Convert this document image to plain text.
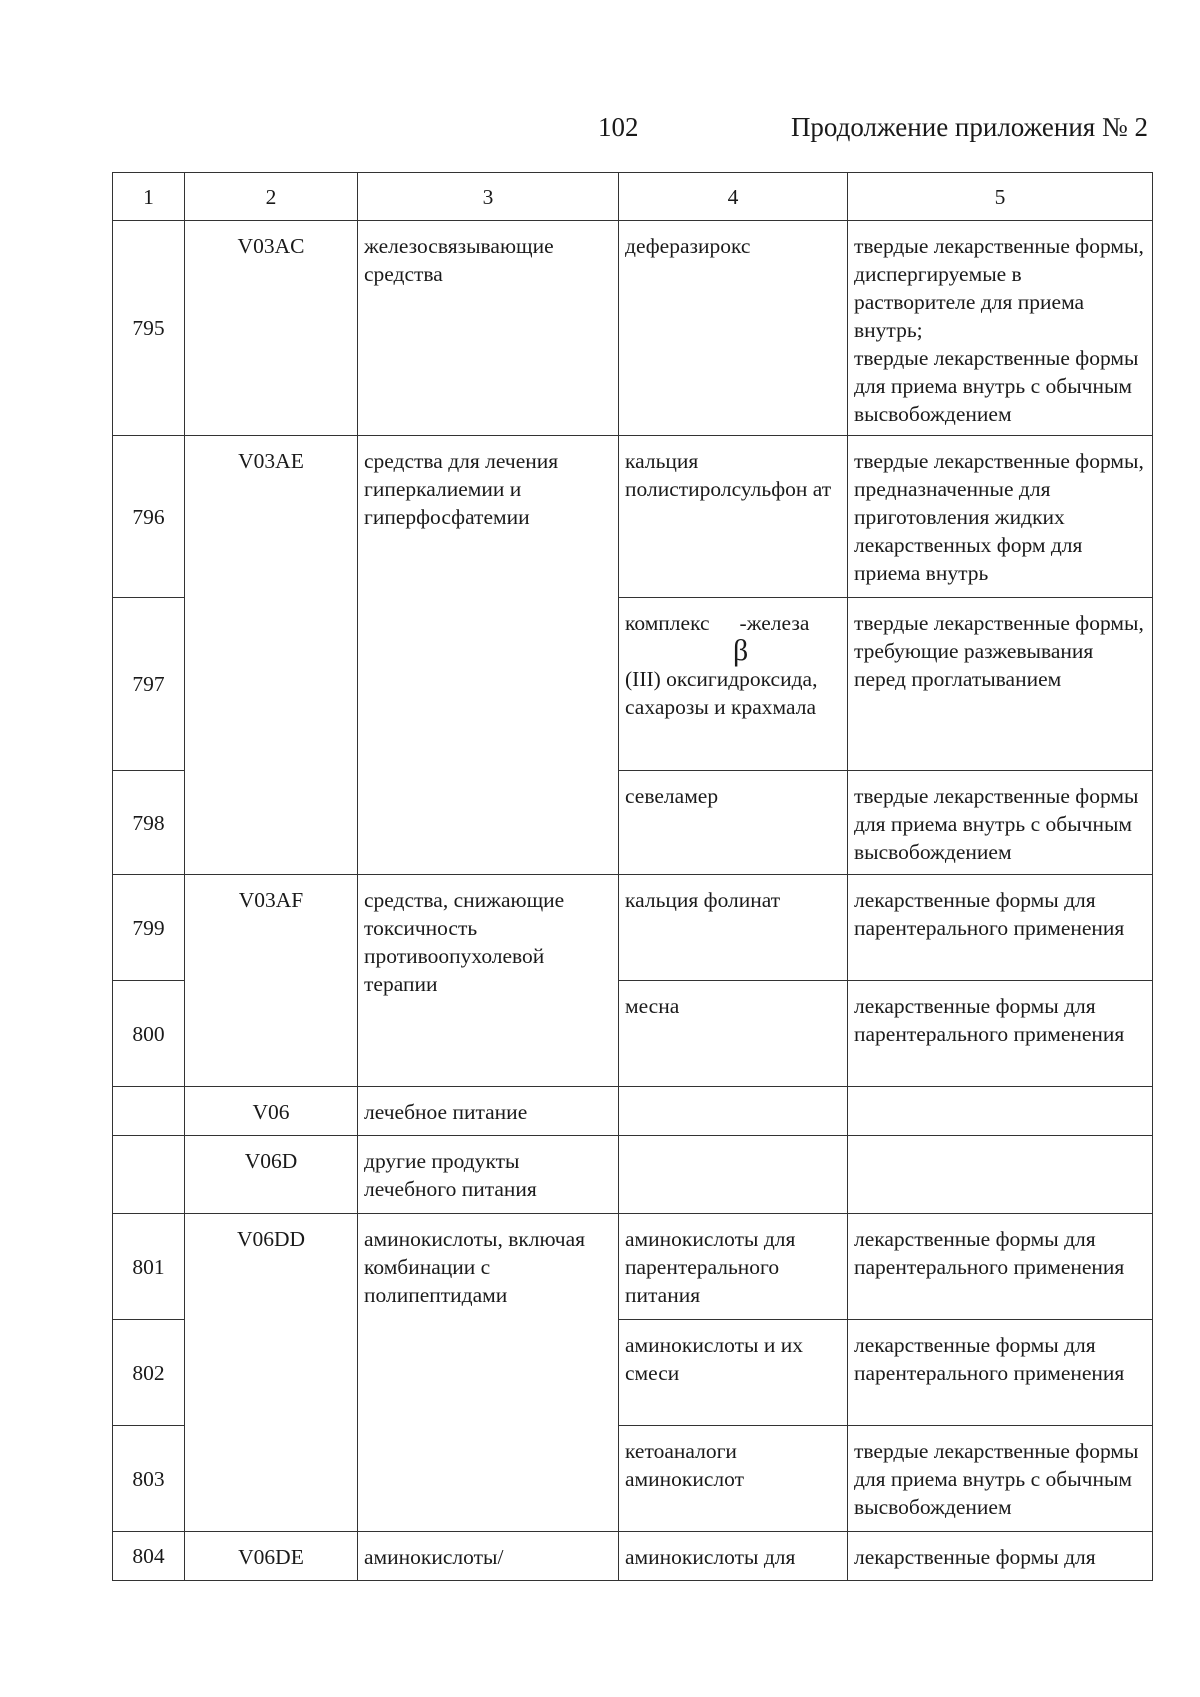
102	Продолжение приложения № 2
1	2	3	4	5
795	V03AC	железосвязывающие средства	деферазирокс	твердые лекарственные формы, диспергируемые в растворителе для приема внутрь;
твердые лекарственные формы для приема внутрь с обычным высвобождением
796	V03AE	средства для лечения гиперкалиемии и гиперфосфатемии	кальция полистиролсульфон ат	твердые лекарственные формы, предназначенные для приготовления жидких лекарственных форм для приема внутрь
797			комплекс -железа
β
(III) оксигидроксида, сахарозы и крахмала	твердые лекарственные формы, требующие разжевывания перед проглатыванием
798			севеламер	твердые лекарственные формы для приема внутрь с обычным высвобождением
799	V03AF	средства, снижающие токсичность противоопухолевой терапии	кальция фолинат	лекарственные формы для парентерального применения
800			месна	лекарственные формы для парентерального применения
	V06	лечебное питание		
	V06D	другие продукты лечебного питания		
801	V06DD	аминокислоты, включая комбинации с полипептидами	аминокислоты для парентерального питания	лекарственные формы для парентерального применения
802			аминокислоты и их смеси	лекарственные формы для парентерального применения
803			кетоаналоги аминокислот	твердые лекарственные формы для приема внутрь с обычным высвобождением
804	V06DE	аминокислоты/	аминокислоты для	лекарственные формы для
